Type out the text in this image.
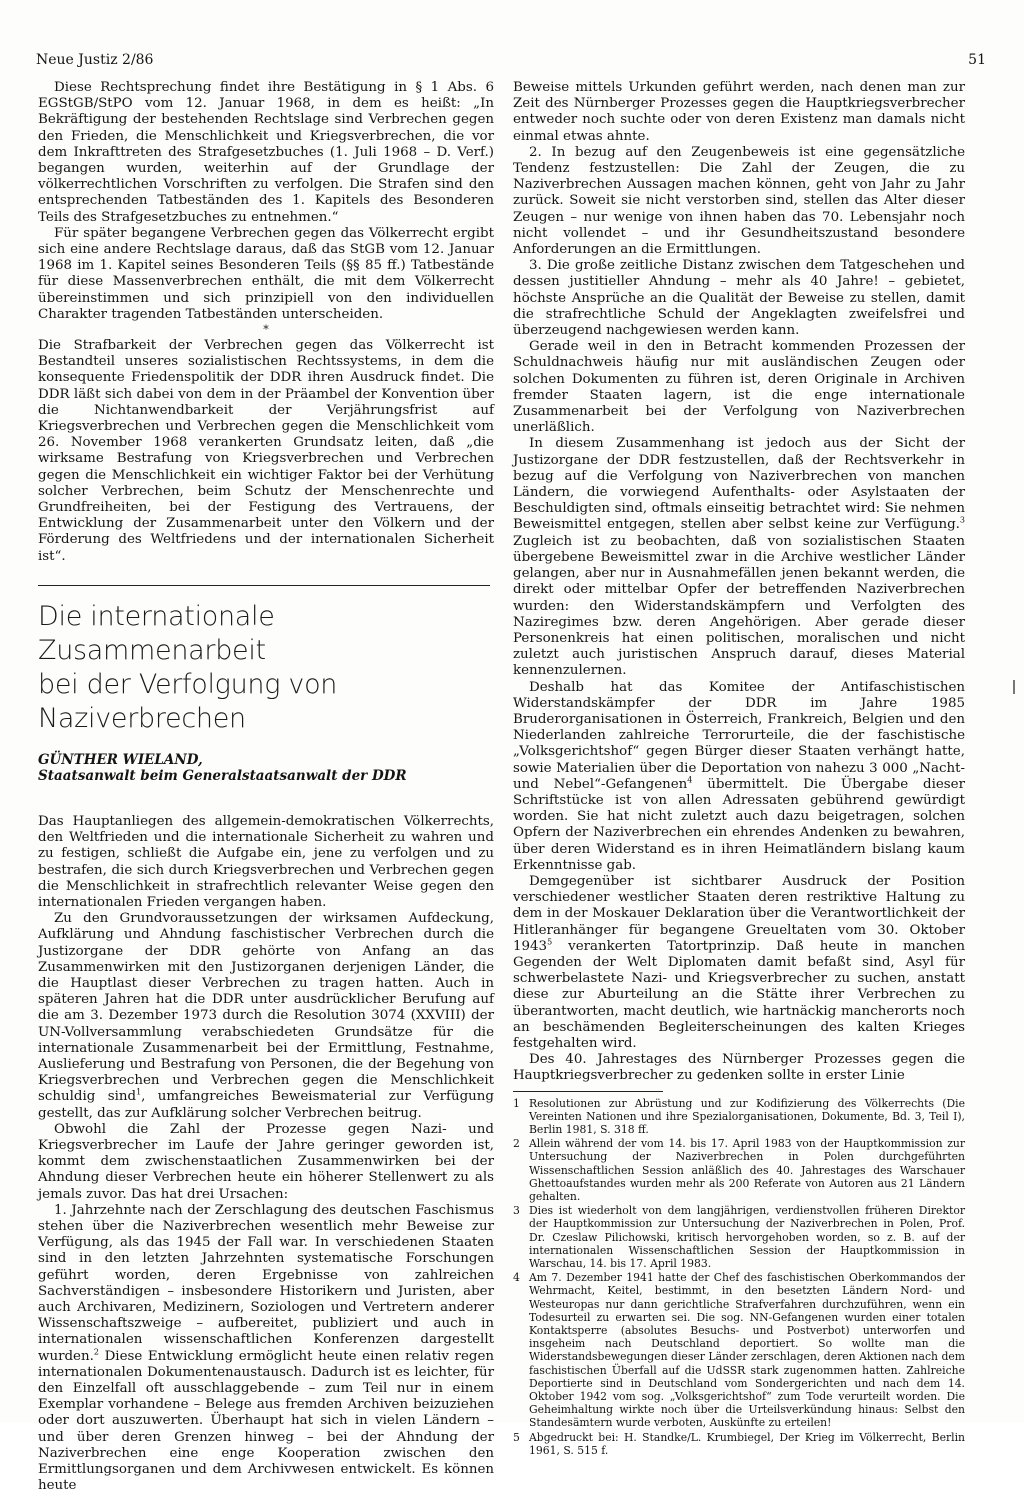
Neue Justiz 2/86	51

Diese Rechtsprechung findet ihre Bestätigung in § 1 Abs. 6 EGStGB/StPO vom 12. Januar 1968, in dem es heißt: „In Bekräftigung der bestehenden Rechtslage sind Verbrechen gegen den Frieden, die Menschlichkeit und Kriegsverbrechen, die vor dem Inkrafttreten des Strafgesetzbuches (1. Juli 1968 – D. Verf.) begangen wurden, weiterhin auf der Grundlage der völkerrechtlichen Vorschriften zu verfolgen. Die Strafen sind den entsprechenden Tatbeständen des 1. Kapitels des Besonderen Teils des Strafgesetzbuches zu entnehmen.“

Für später begangene Verbrechen gegen das Völkerrecht ergibt sich eine andere Rechtslage daraus, daß das StGB vom 12. Januar 1968 im 1. Kapitel seines Besonderen Teils (§§ 85 ff.) Tatbestände für diese Massenverbrechen enthält, die mit dem Völkerrecht übereinstimmen und sich prinzipiell von den individuellen Charakter tragenden Tatbeständen unterscheiden.

*

Die Strafbarkeit der Verbrechen gegen das Völkerrecht ist Bestandteil unseres sozialistischen Rechtssystems, in dem die konsequente Friedenspolitik der DDR ihren Ausdruck findet. Die DDR läßt sich dabei von dem in der Präambel der Konvention über die Nichtanwendbarkeit der Verjährungsfrist auf Kriegsverbrechen und Verbrechen gegen die Menschlichkeit vom 26. November 1968 verankerten Grundsatz leiten, daß „die wirksame Bestrafung von Kriegsverbrechen und Verbrechen gegen die Menschlichkeit ein wichtiger Faktor bei der Verhütung solcher Verbrechen, beim Schutz der Menschenrechte und Grundfreiheiten, bei der Festigung des Vertrauens, der Entwicklung der Zusammenarbeit unter den Völkern und der Förderung des Weltfriedens und der internationalen Sicherheit ist“.

Die internationale Zusammenarbeit
bei der Verfolgung von Naziverbrechen
GÜNTHER WIELAND,
Staatsanwalt beim Generalstaatsanwalt der DDR

Das Hauptanliegen des allgemein-demokratischen Völkerrechts, den Weltfrieden und die internationale Sicherheit zu wahren und zu festigen, schließt die Aufgabe ein, jene zu verfolgen und zu bestrafen, die sich durch Kriegsverbrechen und Verbrechen gegen die Menschlichkeit in strafrechtlich relevanter Weise gegen den internationalen Frieden vergangen haben.

Zu den Grundvoraussetzungen der wirksamen Aufdeckung, Aufklärung und Ahndung faschistischer Verbrechen durch die Justizorgane der DDR gehörte von Anfang an das Zusammenwirken mit den Justizorganen derjenigen Länder, die die Hauptlast dieser Verbrechen zu tragen hatten. Auch in späteren Jahren hat die DDR unter ausdrücklicher Berufung auf die am 3. Dezember 1973 durch die Resolution 3074 (XXVIII) der UN-Vollversammlung verabschiedeten Grundsätze für die internationale Zusammenarbeit bei der Ermittlung, Festnahme, Auslieferung und Bestrafung von Personen, die der Begehung von Kriegsverbrechen und Verbrechen gegen die Menschlichkeit schuldig sind$^1$, umfangreiches Beweismaterial zur Verfügung gestellt, das zur Aufklärung solcher Verbrechen beitrug.

Obwohl die Zahl der Prozesse gegen Nazi- und Kriegsverbrecher im Laufe der Jahre geringer geworden ist, kommt dem zwischenstaatlichen Zusammenwirken bei der Ahndung dieser Verbrechen heute ein höherer Stellenwert zu als jemals zuvor. Das hat drei Ursachen:

1. Jahrzehnte nach der Zerschlagung des deutschen Faschismus stehen über die Naziverbrechen wesentlich mehr Beweise zur Verfügung, als das 1945 der Fall war. In verschiedenen Staaten sind in den letzten Jahrzehnten systematische Forschungen geführt worden, deren Ergebnisse von zahlreichen Sachverständigen – insbesondere Historikern und Juristen, aber auch Archivaren, Medizinern, Soziologen und Vertretern anderer Wissenschaftszweige – aufbereitet, publiziert und auch in internationalen wissenschaftlichen Konferenzen dargestellt wurden.$^2$ Diese Entwicklung ermöglicht heute einen relativ regen internationalen Dokumentenaustausch. Dadurch ist es leichter, für den Einzelfall oft ausschlaggebende – zum Teil nur in einem Exemplar vorhandene – Belege aus fremden Archiven beizuziehen oder dort auszuwerten. Überhaupt hat sich in vielen Ländern – und über deren Grenzen hinweg – bei der Ahndung der Naziverbrechen eine enge Kooperation zwischen den Ermittlungsorganen und dem Archivwesen entwickelt. Es können heute

Beweise mittels Urkunden geführt werden, nach denen man zur Zeit des Nürnberger Prozesses gegen die Hauptkriegsverbrecher entweder noch suchte oder von deren Existenz man damals nicht einmal etwas ahnte.

2. In bezug auf den Zeugenbeweis ist eine gegensätzliche Tendenz festzustellen: Die Zahl der Zeugen, die zu Naziverbrechen Aussagen machen können, geht von Jahr zu Jahr zurück. Soweit sie nicht verstorben sind, stellen das Alter dieser Zeugen – nur wenige von ihnen haben das 70. Lebensjahr noch nicht vollendet – und ihr Gesundheitszustand besondere Anforderungen an die Ermittlungen.

3. Die große zeitliche Distanz zwischen dem Tatgeschehen und dessen justitieller Ahndung – mehr als 40 Jahre! – gebietet, höchste Ansprüche an die Qualität der Beweise zu stellen, damit die strafrechtliche Schuld der Angeklagten zweifelsfrei und überzeugend nachgewiesen werden kann.

Gerade weil in den in Betracht kommenden Prozessen der Schuldnachweis häufig nur mit ausländischen Zeugen oder solchen Dokumenten zu führen ist, deren Originale in Archiven fremder Staaten lagern, ist die enge internationale Zusammenarbeit bei der Verfolgung von Naziverbrechen unerläßlich.

In diesem Zusammenhang ist jedoch aus der Sicht der Justizorgane der DDR festzustellen, daß der Rechtsverkehr in bezug auf die Verfolgung von Naziverbrechen von manchen Ländern, die vorwiegend Aufenthalts- oder Asylstaaten der Beschuldigten sind, oftmals einseitig betrachtet wird: Sie nehmen Beweismittel entgegen, stellen aber selbst keine zur Verfügung.$^3$ Zugleich ist zu beobachten, daß von sozialistischen Staaten übergebene Beweismittel zwar in die Archive westlicher Länder gelangen, aber nur in Ausnahmefällen jenen bekannt werden, die direkt oder mittelbar Opfer der betreffenden Naziverbrechen wurden: den Widerstandskämpfern und Verfolgten des Naziregimes bzw. deren Angehörigen. Aber gerade dieser Personenkreis hat einen politischen, moralischen und nicht zuletzt auch juristischen Anspruch darauf, dieses Material kennenzulernen.

Deshalb hat das Komitee der Antifaschistischen Widerstandskämpfer der DDR im Jahre 1985 Bruderorganisationen in Österreich, Frankreich, Belgien und den Niederlanden zahlreiche Terrorurteile, die der faschistische „Volksgerichtshof“ gegen Bürger dieser Staaten verhängt hatte, sowie Materialien über die Deportation von nahezu 3 000 „Nacht- und Nebel“-Gefangenen$^4$ übermittelt. Die Übergabe dieser Schriftstücke ist von allen Adressaten gebührend gewürdigt worden. Sie hat nicht zuletzt auch dazu beigetragen, solchen Opfern der Naziverbrechen ein ehrendes Andenken zu bewahren, über deren Widerstand es in ihren Heimatländern bislang kaum Erkenntnisse gab.

Demgegenüber ist sichtbarer Ausdruck der Position verschiedener westlicher Staaten deren restriktive Haltung zu dem in der Moskauer Deklaration über die Verantwortlichkeit der Hitleranhänger für begangene Greueltaten vom 30. Oktober 1943$^5$ verankerten Tatortprinzip. Daß heute in manchen Gegenden der Welt Diplomaten damit befaßt sind, Asyl für schwerbelastete Nazi- und Kriegsverbrecher zu suchen, anstatt diese zur Aburteilung an die Stätte ihrer Verbrechen zu überantworten, macht deutlich, wie hartnäckig mancherorts noch an beschämenden Begleiterscheinungen des kalten Krieges festgehalten wird.

Des 40. Jahrestages des Nürnberger Prozesses gegen die Hauptkriegsverbrecher zu gedenken sollte in erster Linie

1 Resolutionen zur Abrüstung und zur Kodifizierung des Völkerrechts (Die Vereinten Nationen und ihre Spezialorganisationen, Dokumente, Bd. 3, Teil I), Berlin 1981, S. 318 ff.
2 Allein während der vom 14. bis 17. April 1983 von der Hauptkommission zur Untersuchung der Naziverbrechen in Polen durchgeführten Wissenschaftlichen Session anläßlich des 40. Jahrestages des Warschauer Ghettoaufstandes wurden mehr als 200 Referate von Autoren aus 21 Ländern gehalten.
3 Dies ist wiederholt von dem langjährigen, verdienstvollen früheren Direktor der Hauptkommission zur Untersuchung der Naziverbrechen in Polen, Prof. Dr. Czeslaw Pilichowski, kritisch hervorgehoben worden, so z. B. auf der internationalen Wissenschaftlichen Session der Hauptkommission in Warschau, 14. bis 17. April 1983.
4 Am 7. Dezember 1941 hatte der Chef des faschistischen Oberkommandos der Wehrmacht, Keitel, bestimmt, in den besetzten Ländern Nord- und Westeuropas nur dann gerichtliche Strafverfahren durchzuführen, wenn ein Todesurteil zu erwarten sei. Die sog. NN-Gefangenen wurden einer totalen Kontaktsperre (absolutes Besuchs- und Postverbot) unterworfen und insgeheim nach Deutschland deportiert. So wollte man die Widerstandsbewegungen dieser Länder zerschlagen, deren Aktionen nach dem faschistischen Überfall auf die UdSSR stark zugenommen hatten. Zahlreiche Deportierte sind in Deutschland vom Sondergerichten und nach dem 14. Oktober 1942 vom sog. „Volksgerichtshof“ zum Tode verurteilt worden. Die Geheimhaltung wirkte noch über die Urteilsverkündung hinaus: Selbst den Standesämtern wurde verboten, Auskünfte zu erteilen!
5 Abgedruckt bei: H. Standke/L. Krumbiegel, Der Krieg im Völkerrecht, Berlin 1961, S. 515 f.
